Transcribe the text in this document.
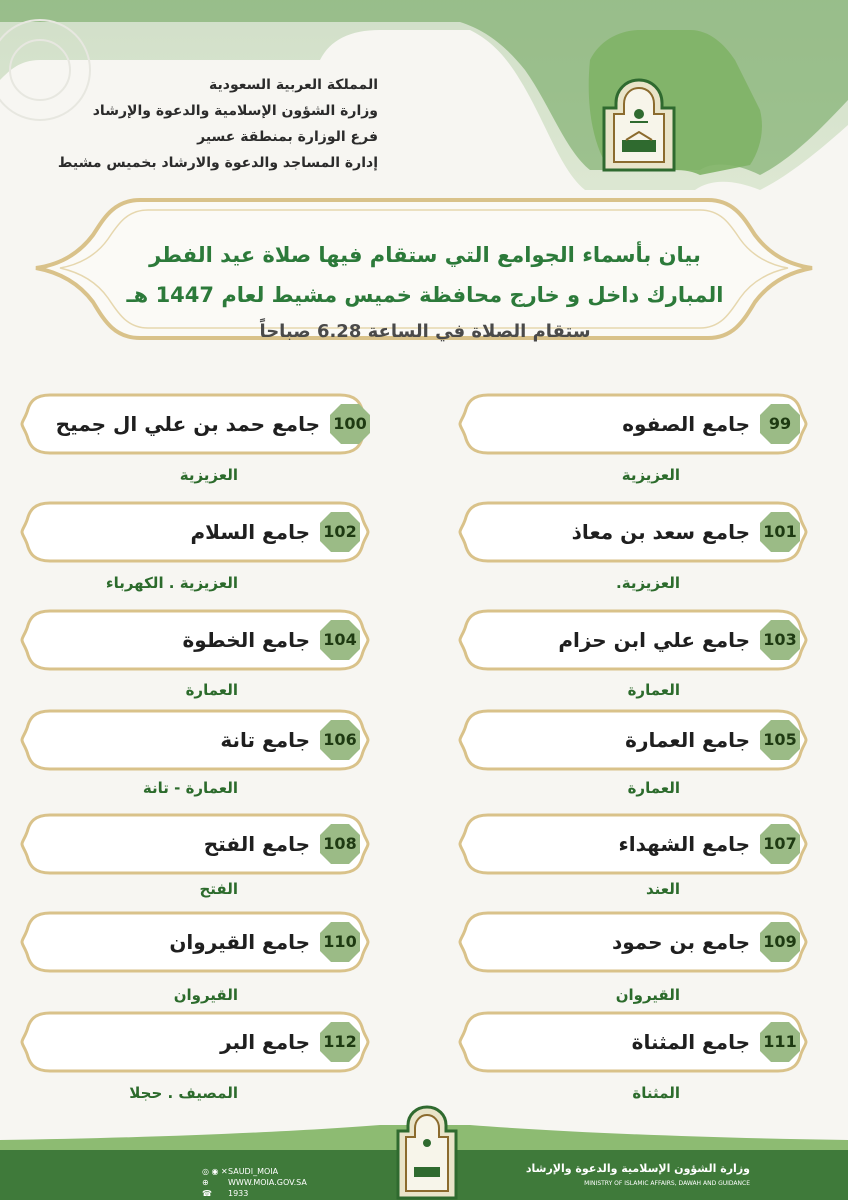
المملكة العربية السعودية
وزارة الشؤون الإسلامية والدعوة والإرشاد
فرع الوزارة بمنطقة عسير
إدارة المساجد والدعوة والارشاد بخميس مشيط
بيان بأسماء الجوامع التي ستقام فيها صلاة عيد الفطر
المبارك داخل و خارج محافظة خميس مشيط لعام 1447 هـ
ستقام الصلاة في الساعة 6.28 صباحاً
99
جامع الصفوه
العزيزية
101
جامع سعد بن معاذ
العزيزية.
103
جامع علي ابن حزام
العمارة
105
جامع العمارة
العمارة
107
جامع الشهداء
العند
109
جامع بن حمود
القيروان
111
جامع المثناة
المثناة
100
جامع حمد بن علي ال جميح
العزيزية
102
جامع السلام
العزيزية . الكهرباء
104
جامع الخطوة
العمارة
106
جامع تانة
العمارة - تانة
108
جامع الفتح
الفتح
110
جامع القيروان
القيروان
112
جامع البر
المصيف . حجلا
وزارة الشؤون الإسلامية والدعوة والإرشاد
MINISTRY OF ISLAMIC AFFAIRS, DAWAH AND GUIDANCE
◎ ◉ ✕
⊕
☎
SAUDI_MOIA
WWW.MOIA.GOV.SA
1933
